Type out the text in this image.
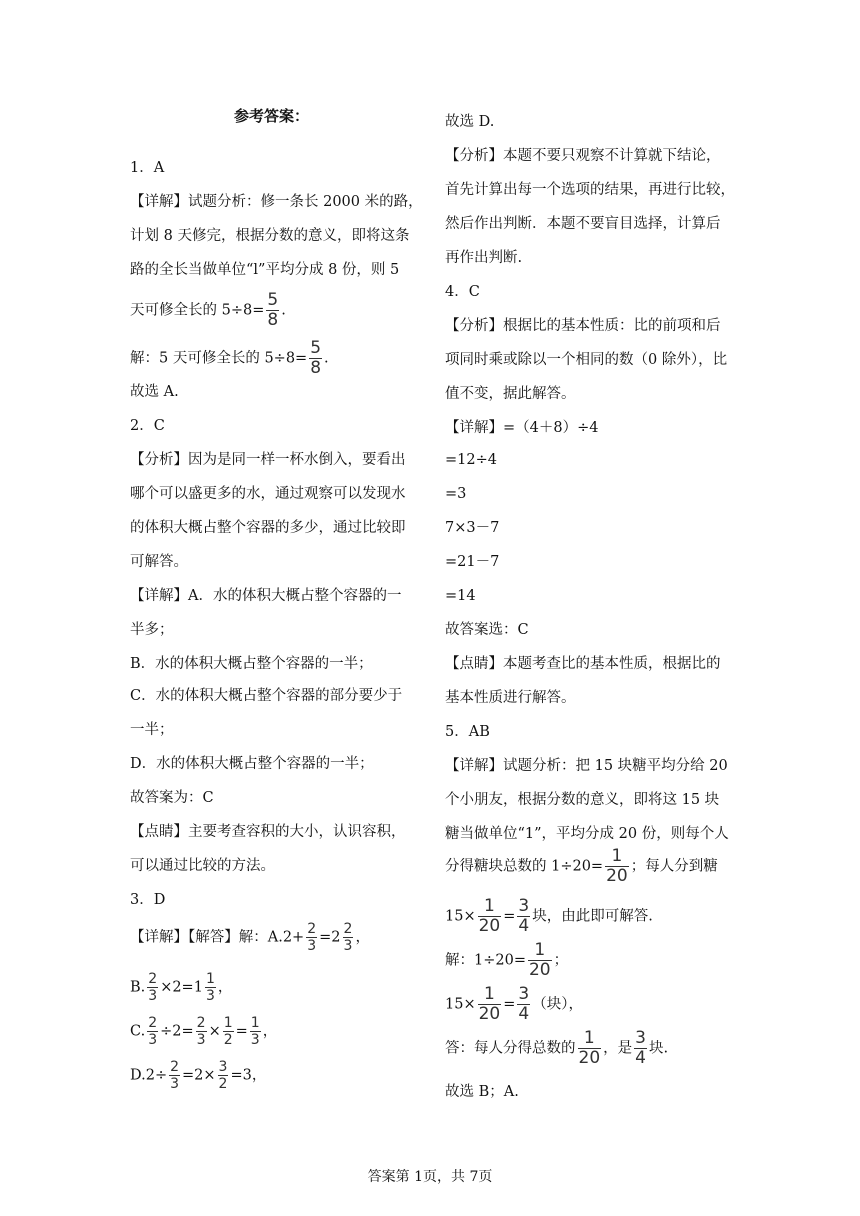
参考答案：
1．A
【详解】试题分析：修一条长 2000 米的路，
计划 8 天修完，根据分数的意义，即将这条
路的全长当做单位“l”平均分成 8 份，则 5
天可修全长的 $5\div 8= \frac{5}{8}$ .
解：5 天可修全长的 $5\div 8= \frac{5}{8}$ .
故选 A.
2．C
【分析】因为是同一样一杯水倒入，要看出
哪个可以盛更多的水，通过观察可以发现水
的体积大概占整个容器的多少，通过比较即
可解答。
【详解】A．水的体积大概占整个容器的一
半多；
B．水的体积大概占整个容器的一半；
C．水的体积大概占整个容器的部分要少于
一半；
D．水的体积大概占整个容器的一半；
故答案为：C
【点睛】主要考查容积的大小，认识容积，
可以通过比较的方法。
3．D
【详解】【解答】解：$A.2+ \frac{2}{3} =2 \frac{2}{3}$ ，
B. $\frac{2}{3} \times 2=1 \frac{1}{3}$ ，
C. $\frac{2}{3} \div 2= \frac{2}{3} \times \frac{1}{2} = \frac{1}{3}$ ，
$D.2\div \frac{2}{3} =2\times \frac{3}{2} =3$，
故选 D.
【分析】本题不要只观察不计算就下结论，
首先计算出每一个选项的结果，再进行比较，
然后作出判断．本题不要盲目选择，计算后
再作出判断.
4．C
【分析】根据比的基本性质：比的前项和后
项同时乘或除以一个相同的数（0 除外），比
值不变，据此解答。
【详解】=（4＋8）÷4
=12÷4
=3
7×3－7
=21－7
=14
故答案选：C
【点睛】本题考查比的基本性质，根据比的
基本性质进行解答。
5．AB
【详解】试题分析：把 15 块糖平均分给 20
个小朋友，根据分数的意义，即将这 15 块
糖当做单位“1”，平均分成 20 份，则每个人
分得糖块总数的 $1\div 20= \frac{1}{20}$ ；每人分到糖
$15\times \frac{1}{20} = \frac{3}{4}$ 块，由此即可解答.
解：$1\div 20= \frac{1}{20}$ ；
$15\times \frac{1}{20} = \frac{3}{4}$ （块），
答：每人分得总数的 $\frac{1}{20}$ ，是 $\frac{3}{4}$ 块.
故选 B；A.
答案第 1页，共 7页
